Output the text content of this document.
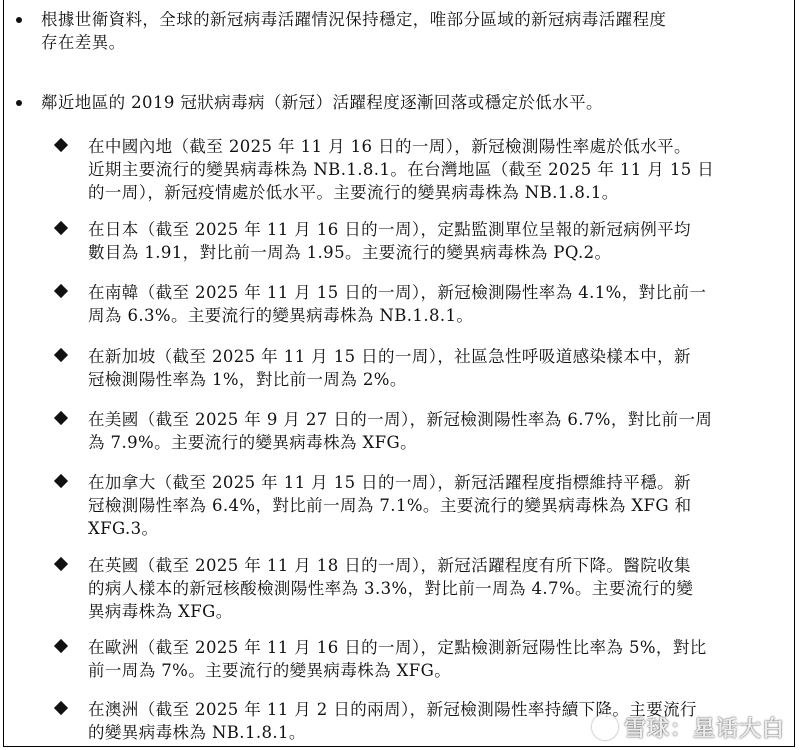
根據世衛資料，全球的新冠病毒活躍情況保持穩定，唯部分區域的新冠病毒活躍程度
存在差異。
鄰近地區的 2019 冠狀病毒病（新冠）活躍程度逐漸回落或穩定於低水平。
在中國內地（截至 2025 年 11 月 16 日的一周），新冠檢測陽性率處於低水平。
近期主要流行的變異病毒株為 NB.1.8.1。在台灣地區（截至 2025 年 11 月 15 日
的一周），新冠疫情處於低水平。主要流行的變異病毒株為 NB.1.8.1。
在日本（截至 2025 年 11 月 16 日的一周），定點監測單位呈報的新冠病例平均
數目為 1.91，對比前一周為 1.95。主要流行的變異病毒株為 PQ.2。
在南韓（截至 2025 年 11 月 15 日的一周），新冠檢測陽性率為 4.1%，對比前一
周為 6.3%。主要流行的變異病毒株為 NB.1.8.1。
在新加坡（截至 2025 年 11 月 15 日的一周），社區急性呼吸道感染樣本中，新
冠檢測陽性率為 1%，對比前一周為 2%。
在美國（截至 2025 年 9 月 27 日的一周），新冠檢測陽性率為 6.7%，對比前一周
為 7.9%。主要流行的變異病毒株為 XFG。
在加拿大（截至 2025 年 11 月 15 日的一周），新冠活躍程度指標維持平穩。新
冠檢測陽性率為 6.4%，對比前一周為 7.1%。主要流行的變異病毒株為 XFG 和
XFG.3。
在英國（截至 2025 年 11 月 18 日的一周），新冠活躍程度有所下降。醫院收集
的病人樣本的新冠核酸檢測陽性率為 3.3%，對比前一周為 4.7%。主要流行的變
異病毒株為 XFG。
在歐洲（截至 2025 年 11 月 16 日的一周），定點檢測新冠陽性比率為 5%，對比
前一周為 7%。主要流行的變異病毒株為 XFG。
在澳洲（截至 2025 年 11 月 2 日的兩周），新冠檢測陽性率持續下降。主要流行
的變異病毒株為 NB.1.8.1。	雪球：星话大白
